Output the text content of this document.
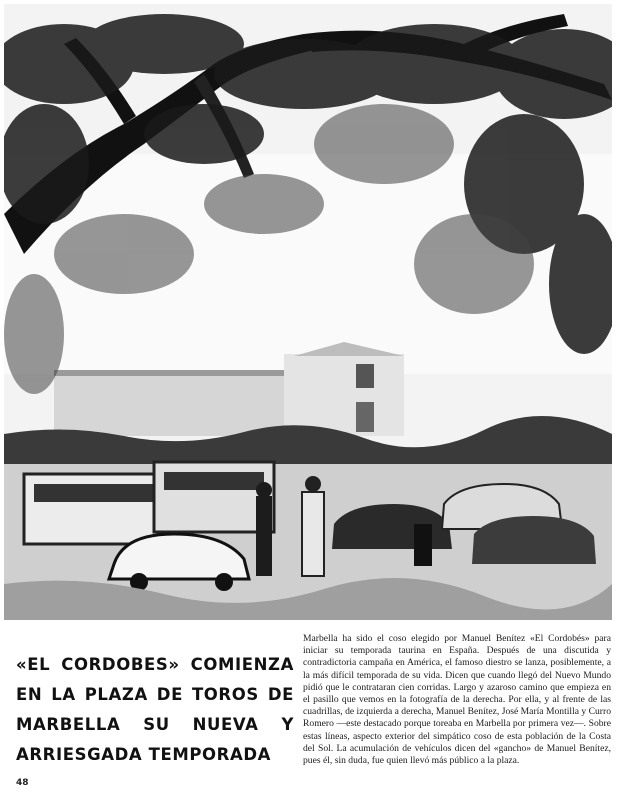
«EL CORDOBES» COMIENZA EN LA PLAZA DE TOROS DE MARBELLA SU NUEVA Y ARRIESGADA TEMPORADA
Marbella ha sido el coso elegido por Manuel Benítez «El Cordobés» para iniciar su temporada taurina en España. Después de una discutida y contradictoria campaña en América, el famoso diestro se lanza, posiblemente, a la más difícil temporada de su vida. Dicen que cuando llegó del Nuevo Mundo pidió que le contrataran cien corridas. Largo y azaroso camino que empieza en el pasillo que vemos en la fotografía de la derecha. Por ella, y al frente de las cuadrillas, de izquierda a derecha, Manuel Benítez, José María Montilla y Curro Romero —este destacado porque toreaba en Marbella por primera vez—. Sobre estas líneas, aspecto exterior del simpático coso de esta población de la Costa del Sol. La acumulación de vehículos dicen del «gancho» de Manuel Benítez, pues él, sin duda, fue quien llevó más público a la plaza.
48
